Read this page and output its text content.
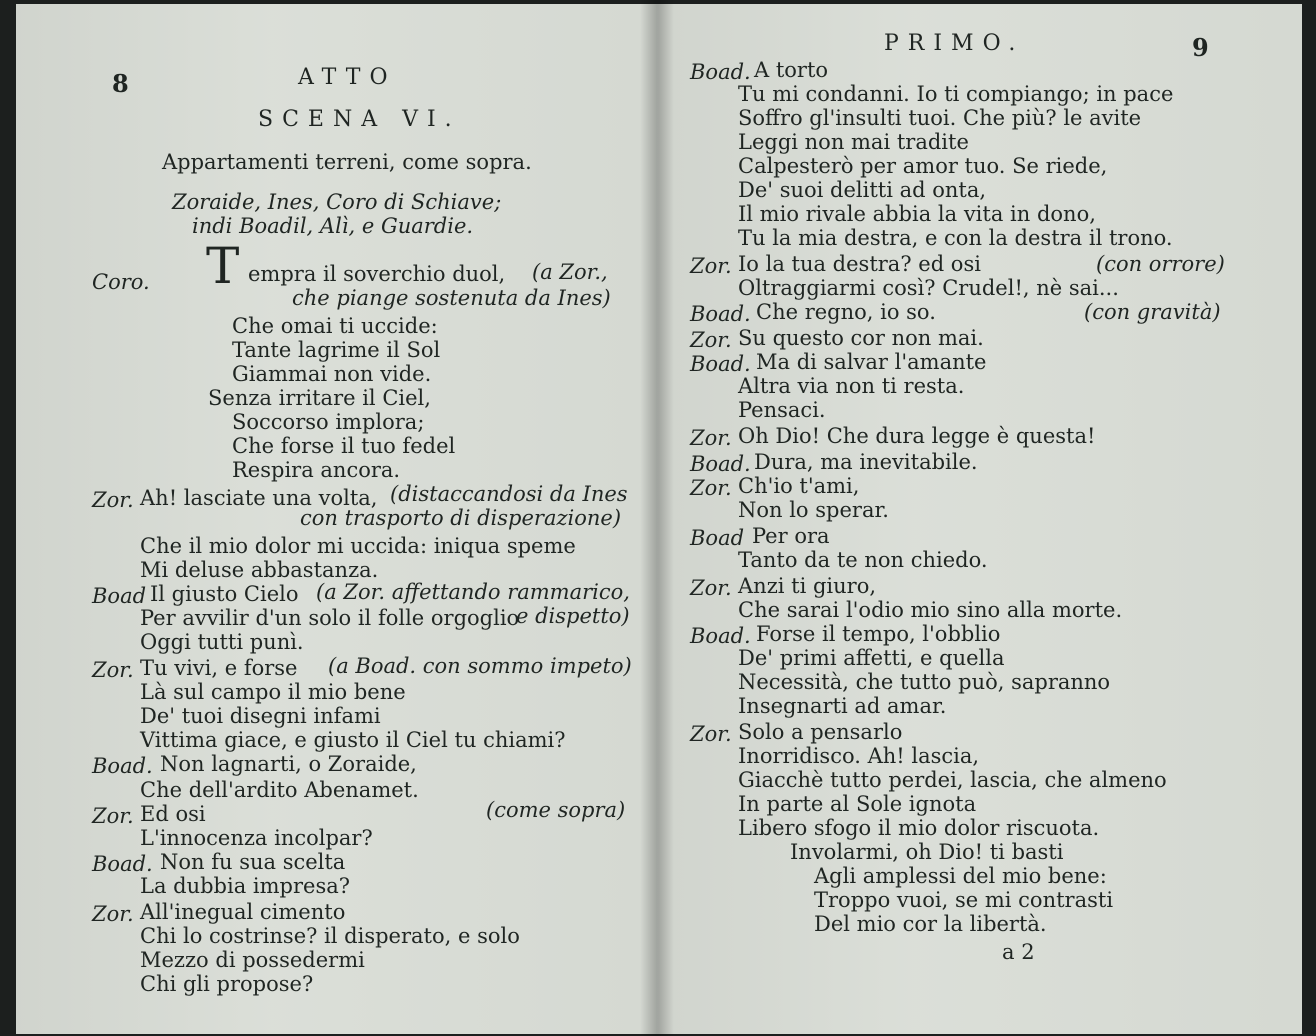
8	ATTO
SCENA VI.
Appartamenti terreni, come sopra.
Zoraide, Ines, Coro di Schiave;
indi Boadil, Alì, e Guardie.
Coro. T empra il soverchio duol, (a Zor.,
che piange sostenuta da Ines)
Che omai ti uccide:
Tante lagrime il Sol
Giammai non vide.
Senza irritare il Ciel,
Soccorso implora;
Che forse il tuo fedel
Respira ancora.
Zor. Ah! lasciate una volta, (distaccandosi da Ines
con trasporto di disperazione)
Che il mio dolor mi uccida: iniqua speme
Mi deluse abbastanza.
Boad Il giusto Cielo (a Zor. affettando rammarico,
Per avvilir d'un solo il folle orgoglio
e dispetto)
Oggi tutti punì.
Zor. Tu vivi, e forse (a Boad. con sommo impeto)
Là sul campo il mio bene
De' tuoi disegni infami
Vittima giace, e giusto il Ciel tu chiami?
Boad. Non lagnarti, o Zoraide,
Che dell'ardito Abenamet.
Zor. Ed osi	(come sopra)
L'innocenza incolpar?
Boad. Non fu sua scelta
La dubbia impresa?
Zor. All'inegual cimento
Chi lo costrinse? il disperato, e solo
Mezzo di possedermi
Chi gli propose?
PRIMO.	9
Boad. A torto
Tu mi condanni. Io ti compiango; in pace
Soffro gl'insulti tuoi. Che più? le avite
Leggi non mai tradite
Calpesterò per amor tuo. Se riede,
De' suoi delitti ad onta,
Il mio rivale abbia la vita in dono,
Tu la mia destra, e con la destra il trono.
Zor. Io la tua destra? ed osi	(con orrore)
Oltraggiarmi così? Crudel!, nè sai...
Boad. Che regno, io so.	(con gravità)
Zor. Su questo cor non mai.
Boad. Ma di salvar l'amante
Altra via non ti resta.
Pensaci.
Zor. Oh Dio! Che dura legge è questa!
Boad. Dura, ma inevitabile.
Zor. Ch'io t'ami,
Non lo sperar.
Boad Per ora
Tanto da te non chiedo.
Zor. Anzi ti giuro,
Che sarai l'odio mio sino alla morte.
Boad. Forse il tempo, l'obblio
De' primi affetti, e quella
Necessità, che tutto può, sapranno
Insegnarti ad amar.
Zor. Solo a pensarlo
Inorridisco. Ah! lascia,
Giacchè tutto perdei, lascia, che almeno
In parte al Sole ignota
Libero sfogo il mio dolor riscuota.
Involarmi, oh Dio! ti basti
Agli amplessi del mio bene:
Troppo vuoi, se mi contrasti
Del mio cor la libertà.
a 2
